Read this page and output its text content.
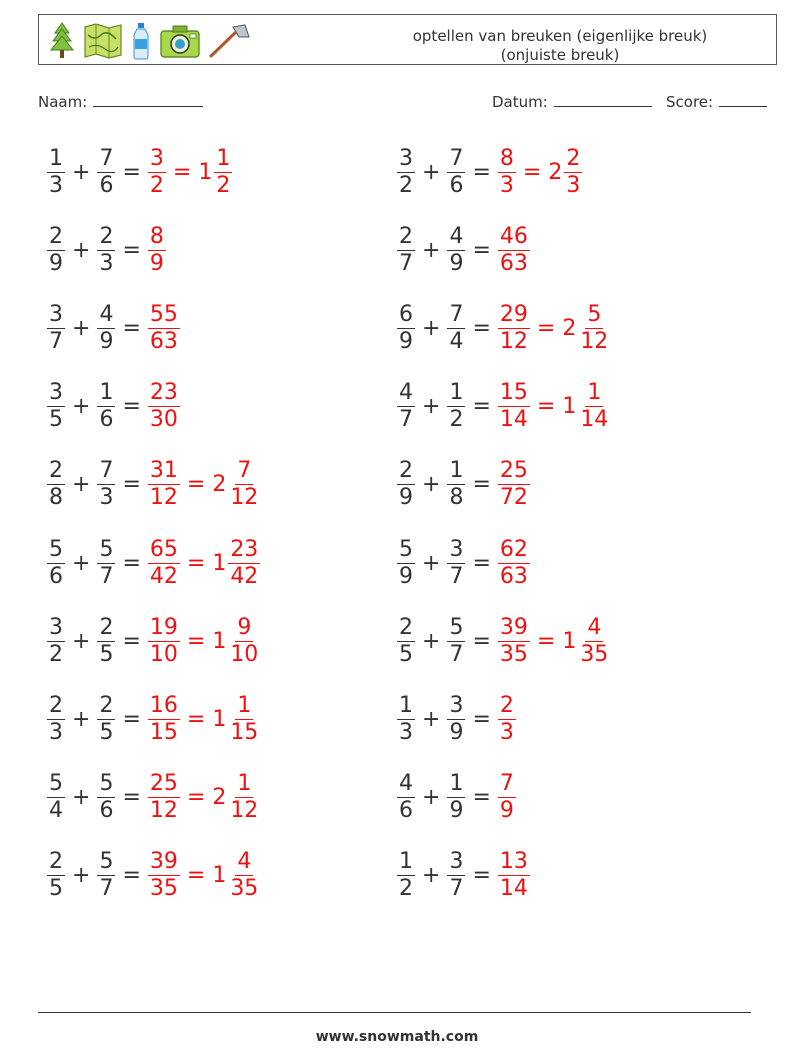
optellen van breuken (eigenlijke breuk)
(onjuiste breuk)
Naam:	Datum:	Score:
$\frac{1}{3} + \frac{7}{6} = \frac{3}{2} = 1 \frac{1}{2}$	$\frac{3}{2} + \frac{7}{6} = \frac{8}{3} = 2 \frac{2}{3}$
$\frac{2}{9} + \frac{2}{3} = \frac{8}{9}$	$\frac{2}{7} + \frac{4}{9} = \frac{46}{63}$
$\frac{3}{7} + \frac{4}{9} = \frac{55}{63}$	$\frac{6}{9} + \frac{7}{4} = \frac{29}{12} = 2 \frac{5}{12}$
$\frac{3}{5} + \frac{1}{6} = \frac{23}{30}$	$\frac{4}{7} + \frac{1}{2} = \frac{15}{14} = 1 \frac{1}{14}$
$\frac{2}{8} + \frac{7}{3} = \frac{31}{12} = 2 \frac{7}{12}$	$\frac{2}{9} + \frac{1}{8} = \frac{25}{72}$
$\frac{5}{6} + \frac{5}{7} = \frac{65}{42} = 1 \frac{23}{42}$	$\frac{5}{9} + \frac{3}{7} = \frac{62}{63}$
$\frac{3}{2} + \frac{2}{5} = \frac{19}{10} = 1 \frac{9}{10}$	$\frac{2}{5} + \frac{5}{7} = \frac{39}{35} = 1 \frac{4}{35}$
$\frac{2}{3} + \frac{2}{5} = \frac{16}{15} = 1 \frac{1}{15}$	$\frac{1}{3} + \frac{3}{9} = \frac{2}{3}$
$\frac{5}{4} + \frac{5}{6} = \frac{25}{12} = 2 \frac{1}{12}$	$\frac{4}{6} + \frac{1}{9} = \frac{7}{9}$
$\frac{2}{5} + \frac{5}{7} = \frac{39}{35} = 1 \frac{4}{35}$	$\frac{1}{2} + \frac{3}{7} = \frac{13}{14}$
www.snowmath.com
